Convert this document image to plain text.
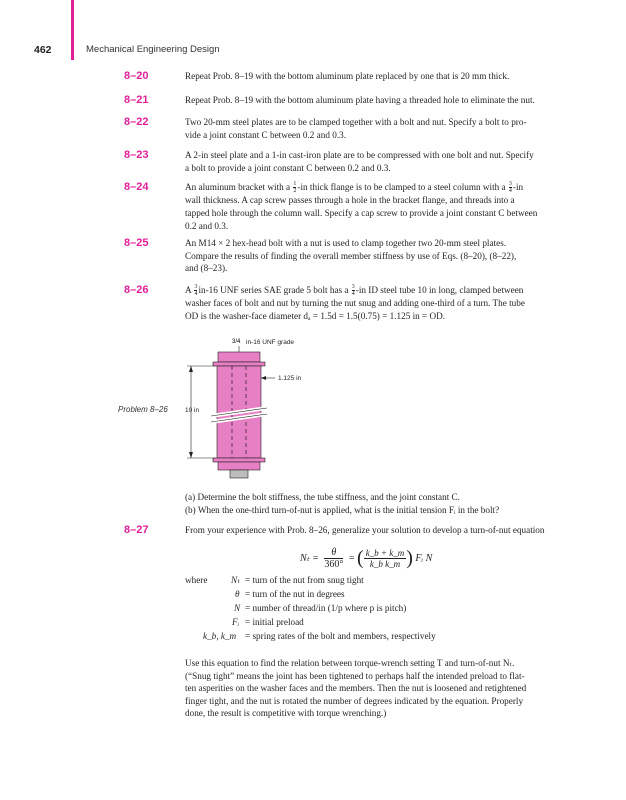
462	Mechanical Engineering Design
8–20	Repeat Prob. 8–19 with the bottom aluminum plate replaced by one that is 20 mm thick.
8–21	Repeat Prob. 8–19 with the bottom aluminum plate having a threaded hole to eliminate the nut.
8–22	Two 20-mm steel plates are to be clamped together with a bolt and nut. Specify a bolt to pro-
vide a joint constant C between 0.2 and 0.3.
8–23	A 2-in steel plate and a 1-in cast-iron plate are to be compressed with one bolt and nut. Specify
a bolt to provide a joint constant C between 0.2 and 0.3.
8–24	An aluminum bracket with a $\frac{1}{2} -in$ thick flange is to be clamped to a steel column with a $\frac{3}{4} -in$
wall thickness. A cap screw passes through a hole in the bracket flange, and threads into a
tapped hole through the column wall. Specify a cap screw to provide a joint constant C between
0.2 and 0.3.
8–25	An M14 × 2 hex-head bolt with a nut is used to clamp together two 20-mm steel plates.
Compare the results of finding the overall member stiffness by use of Eqs. (8–20), (8–22),
and (8–23).
8–26	A $\frac{3}{4} in-16$ UNF series SAE grade 5 bolt has a $\frac{3}{4} -in$ ID steel tube 10 in long, clamped between
washer faces of bolt and nut by turning the nut snug and adding one-third of a turn. The tube
OD is the washer-face diameter dₐ = 1.5d = 1.5(0.75) = 1.125 in = OD.
Problem 8–26
3/4 in-16 UNF grade
1.125 in
10 in
(a) Determine the bolt stiffness, the tube stiffness, and the joint constant C.
(b) When the one-third turn-of-nut is applied, what is the initial tension Fᵢ in the bolt?
8–27	From your experience with Prob. 8–26, generalize your solution to develop a turn-of-nut equation
$N_t = \frac{\theta}{360^\circ}$ = ( $\frac{k\_b + k\_m}{\text{k\_b k\_m}}$ ) Fᵢ N
where	Nₜ = turn of the nut from snug tight
θ = turn of the nut in degrees
N = number of thread/in (1/p where p is pitch)
Fᵢ = initial preload
k_b, k_m = spring rates of the bolt and members, respectively
Use this equation to find the relation between torque-wrench setting T and turn-of-nut Nₜ.
(“Snug tight” means the joint has been tightened to perhaps half the intended preload to flat-
ten asperities on the washer faces and the members. Then the nut is loosened and retightened
finger tight, and the nut is rotated the number of degrees indicated by the equation. Properly
done, the result is competitive with torque wrenching.)
